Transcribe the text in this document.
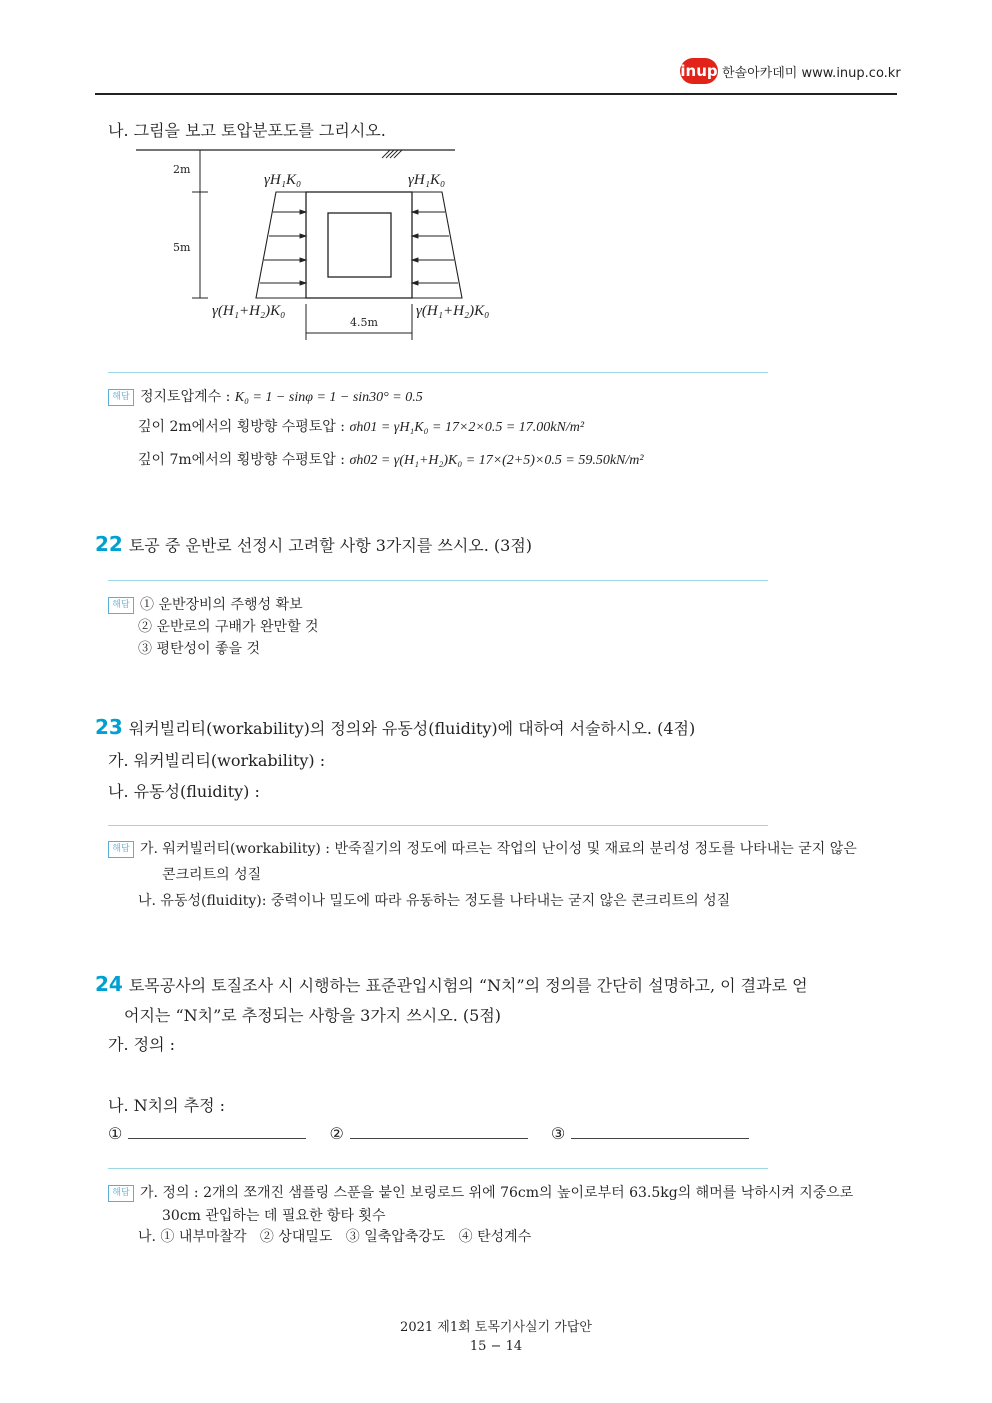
inup 한솔아카데미 www.inup.co.kr
나. 그림을 보고 토압분포도를 그리시오.
2m
5m
4.5m
γH₁K₀	γH₁K₀
γ(H₁+H₂)K₀	γ(H₁+H₂)K₀
해답 정지토압계수 : K₀ = 1 − sinφ = 1 − sin30° = 0.5
깊이 2m에서의 횡방향 수평토압 : σh01 = γH₁K₀ = 17×2×0.5 = 17.00kN/m²
깊이 7m에서의 횡방향 수평토압 : σh02 = γ(H₁+H₂)K₀ = 17×(2+5)×0.5 = 59.50kN/m²
22 토공 중 운반로 선정시 고려할 사항 3가지를 쓰시오. (3점)
해답 ① 운반장비의 주행성 확보
② 운반로의 구배가 완만할 것
③ 평탄성이 좋을 것
23 워커빌리티(workability)의 정의와 유동성(fluidity)에 대하여 서술하시오. (4점)
가. 워커빌리티(workability) :
나. 유동성(fluidity) :
해답 가. 워커빌러티(workability) : 반죽질기의 정도에 따르는 작업의 난이성 및 재료의 분리성 정도를 나타내는 굳지 않은
콘크리트의 성질
나. 유동성(fluidity): 중력이나 밀도에 따라 유동하는 정도를 나타내는 굳지 않은 콘크리트의 성질
24 토목공사의 토질조사 시 시행하는 표준관입시험의 “N치”의 정의를 간단히 설명하고, 이 결과로 얻
어지는 “N치”로 추정되는 사항을 3가지 쓰시오. (5점)
가. 정의 :
나. N치의 추정 :
①	②	③
해답 가. 정의 : 2개의 쪼개진 샘플링 스푼을 붙인 보링로드 위에 76cm의 높이로부터 63.5kg의 해머를 낙하시켜 지중으로
30cm 관입하는 데 필요한 항타 횟수
나. ① 내부마찰각   ② 상대밀도   ③ 일축압축강도   ④ 탄성계수
2021 제1회 토목기사실기 가답안
15 − 14
